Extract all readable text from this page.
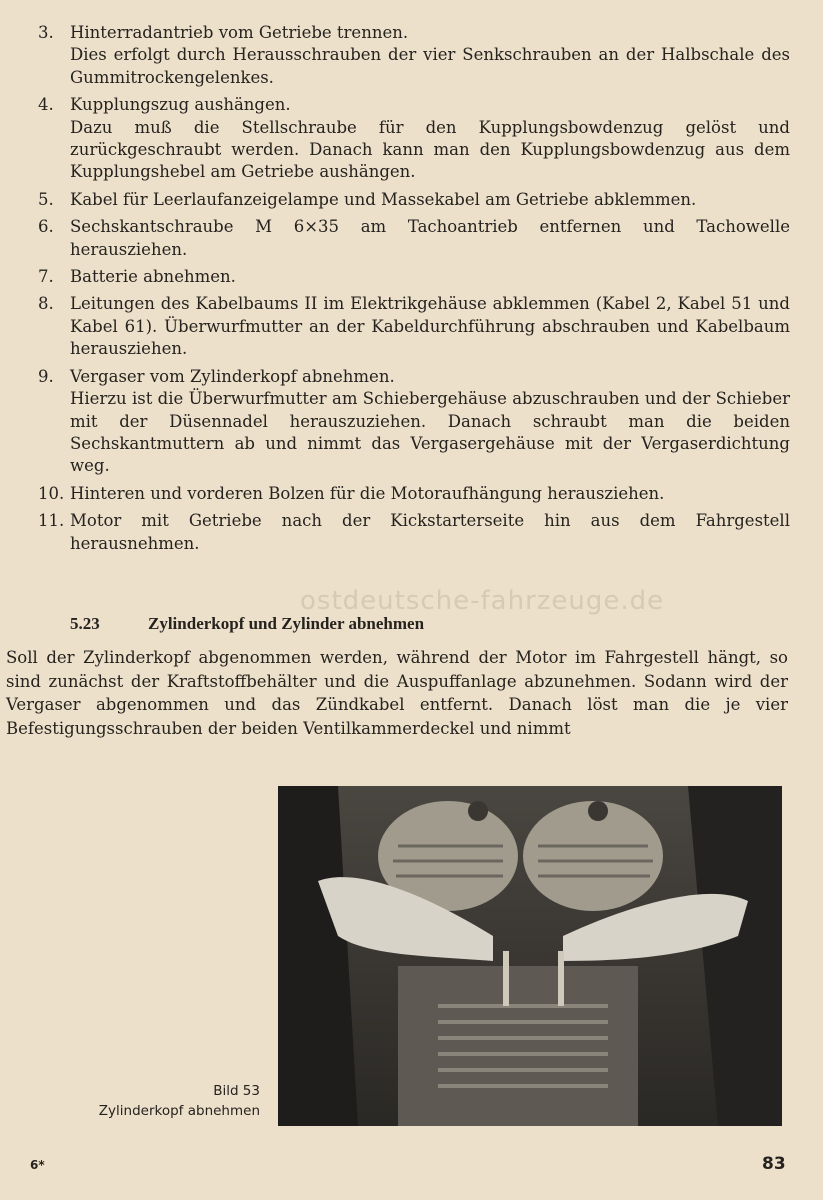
3. Hinterradantrieb vom Getriebe trennen.
Dies erfolgt durch Herausschrauben der vier Senkschrauben an der Halbschale des Gummitrockengelenkes.
4. Kupplungszug aushängen.
Dazu muß die Stellschraube für den Kupplungsbowdenzug gelöst und zurückgeschraubt werden. Danach kann man den Kupplungsbowdenzug aus dem Kupplungshebel am Getriebe aushängen.
5. Kabel für Leerlaufanzeigelampe und Massekabel am Getriebe abklemmen.
6. Sechskantschraube M 6×35 am Tachoantrieb entfernen und Tachowelle herausziehen.
7. Batterie abnehmen.
8. Leitungen des Kabelbaums II im Elektrikgehäuse abklemmen (Kabel 2, Kabel 51 und Kabel 61). Überwurfmutter an der Kabeldurchführung abschrauben und Kabelbaum herausziehen.
9. Vergaser vom Zylinderkopf abnehmen.
Hierzu ist die Überwurfmutter am Schiebergehäuse abzuschrauben und der Schieber mit der Düsennadel herauszuziehen. Danach schraubt man die beiden Sechskantmuttern ab und nimmt das Vergasergehäuse mit der Vergaserdichtung weg.
10. Hinteren und vorderen Bolzen für die Motoraufhängung herausziehen.
11. Motor mit Getriebe nach der Kickstarterseite hin aus dem Fahrgestell herausnehmen.
ostdeutsche-fahrzeuge.de
5.23	Zylinderkopf und Zylinder abnehmen

Soll der Zylinderkopf abgenommen werden, während der Motor im Fahrgestell hängt, so sind zunächst der Kraftstoffbehälter und die Auspuffanlage abzunehmen. Sodann wird der Vergaser abgenommen und das Zündkabel entfernt. Danach löst man die je vier Befestigungsschrauben der beiden Ventilkammerdeckel und nimmt

Bild 53
Zylinderkopf abnehmen
6*	83
